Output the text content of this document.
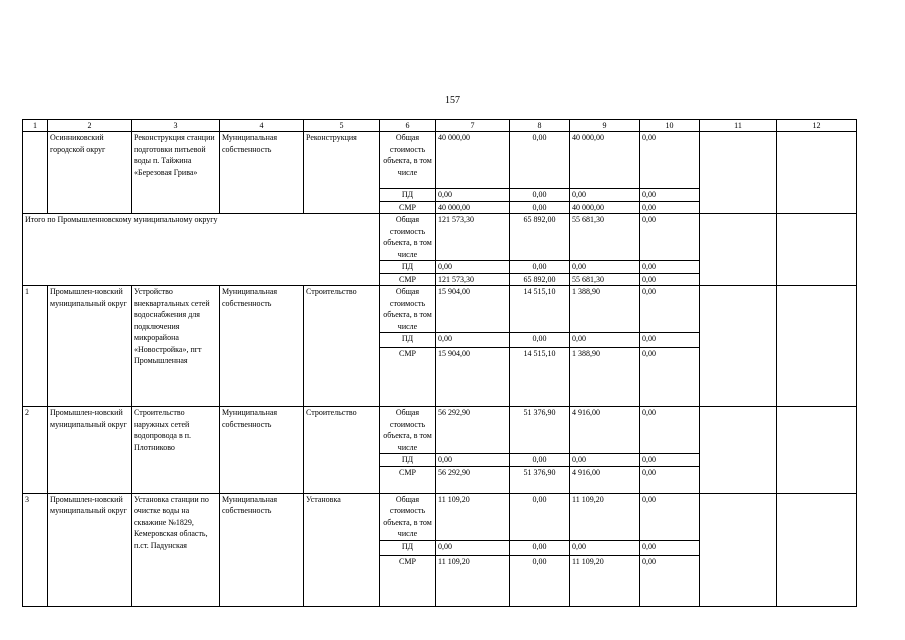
157
1	2	3	4	5	6	7	8	9	10	11	12
	Осинниковский городской округ	Реконструкция станции подготовки питьевой воды п. Тайжина «Березовая Грива»	Муниципальная собственность	Реконструкция	Общая стоимость объекта, в том числе	40 000,00	0,00	40 000,00	0,00		
					ПД	0,00	0,00	0,00	0,00		
					СМР	40 000,00	0,00	40 000,00	0,00		
Итого по Промышленновскому муниципальному округу					Общая стоимость объекта, в том числе	121 573,30	65 892,00	55 681,30	0,00		
					ПД	0,00	0,00	0,00	0,00		
					СМР	121 573,30	65 892,00	55 681,30	0,00		
1	Промышлен-новский муниципальный округ	Устройство внеквартальных сетей водоснабжения для подключения микрорайона «Новостройка», пгт Промышленная	Муниципальная собственность	Строительство	Общая стоимость объекта, в том числе	15 904,00	14 515,10	1 388,90	0,00		
					ПД	0,00	0,00	0,00	0,00		
					СМР	15 904,00	14 515,10	1 388,90	0,00		
2	Промышлен-новский муниципальный округ	Строительство наружных сетей водопровода в п. Плотниково	Муниципальная собственность	Строительство	Общая стоимость объекта, в том числе	56 292,90	51 376,90	4 916,00	0,00		
					ПД	0,00	0,00	0,00	0,00		
					СМР	56 292,90	51 376,90	4 916,00	0,00		
3	Промышлен-новский муниципальный округ	Установка станции по очистке воды на скважине №1829, Кемеровская область, п.ст. Падунская	Муниципальная собственность	Установка	Общая стоимость объекта, в том числе	11 109,20	0,00	11 109,20	0,00		
					ПД	0,00	0,00	0,00	0,00		
					СМР	11 109,20	0,00	11 109,20	0,00		
